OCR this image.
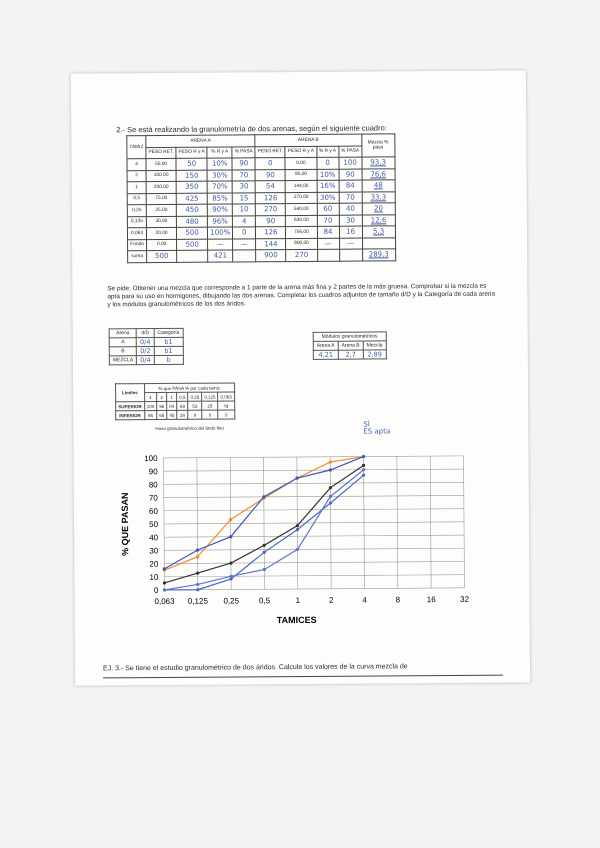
2.- Se está realizando la granulometría de dos arenas, según el siguiente cuadro:
TAMIZ	ARENA A				ARENA B				Mezcla % pasa
	PESO RET.	PESO R y A	% R y A	% PASA	PESO RET.	PESO R y A	% R y A	% PASA	
4	50,00	50	10%	90	0	0,00	0	100	93,3
2	100,00	150	30%	70	90	90,00	10%	90	76,6
1	200,00	350	70%	30	54	144,00	16%	84	48
0,5	75,00	425	85%	15	126	270,00	30%	70	33,3
0,25	25,00	450	90%	10	270	540,00	60	40	20
0,125	30,00	480	96%	4	90	630,00	70	30	12,6
0,063	20,00	500	100%	0	126	756,00	84	16	5,3
Fondo	0,00	500	—	—	144	900,00	—	—	
suma	500		421		900	270			289,3
Se pide: Obtener una mezcla que corresponde a 1 parte de la arena más fina y 2 partes de la más gruesa. Comprobar si la mezcla es apta para su uso en hormigones, dibujando las dos arenas. Completar los cuadros adjuntos de tamaño d/D y la Categoría de cada arena y los módulos granulométricos de los dos áridos.
Arena	d/D	Categoría
A	0/4	b1
B	0/2	b1
MEZCLA	0/4	b
Módulos granulométricos		
Arena A	Arena B	Mezcla
4,21	2,7	2,89
Límites	% que PASA % por cada tamiz						
	4	2	1	0,5	0,25	0,125	0,063
SUPERIOR	100	96	84	69	53	25	fd
INFERIOR	86	65	45	28	8	0	0
Huso granulométrico del árido fino	SÍ
ES apta
0
10
20
30
40
50
60
70
80
90
100
0,063 0,125 0,25 0,5	1	2	4	8	16	32
% QUE PASAN
TAMICES
EJ. 3.- Se tiene el estudio granulométrico de dos áridos. Calcule los valores de la curva mezcla de
